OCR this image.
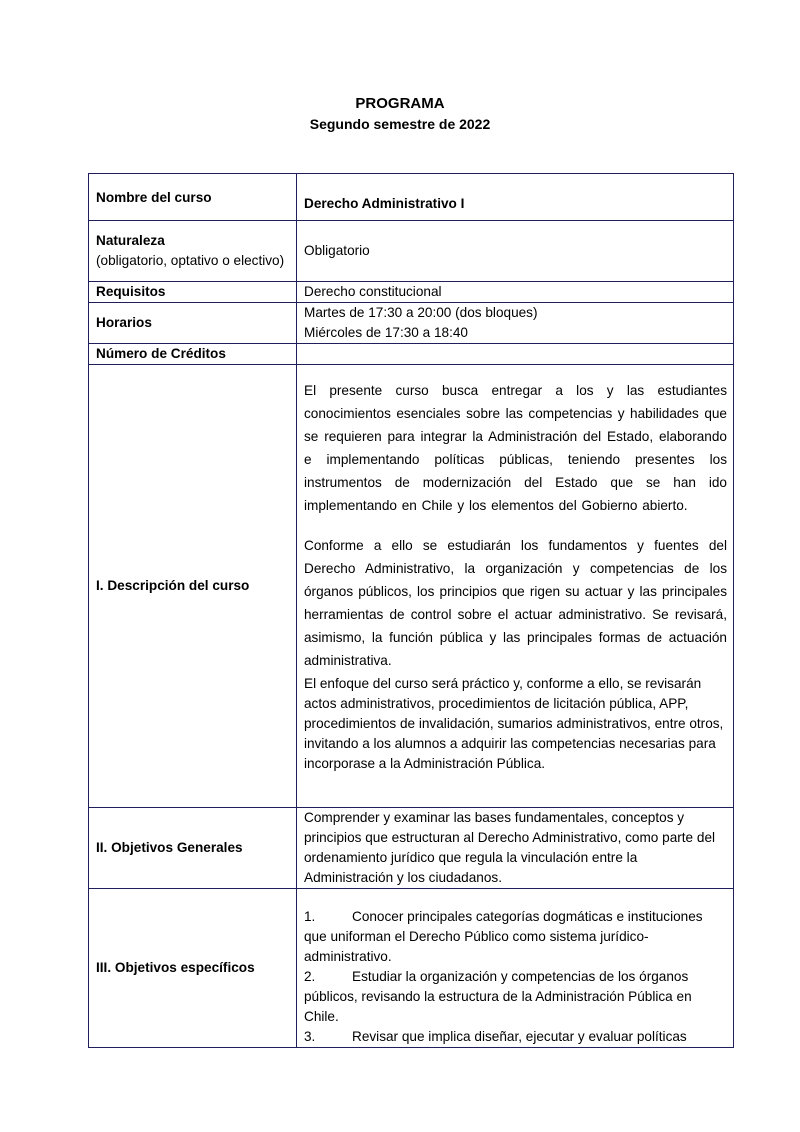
PROGRAMA
Segundo semestre de 2022
Nombre del curso	Derecho Administrativo I

Naturaleza
(obligatorio, optativo o electivo)	Obligatorio
Requisitos	Derecho constitucional
Horarios	Martes de 17:30 a 20:00 (dos bloques)
Miércoles de 17:30 a 18:40

Número de Créditos	
I. Descripción del curso	El presente curso busca entregar a los y las estudiantes conocimientos esenciales sobre las competencias y habilidades que se requieren para integrar la Administración del Estado, elaborando e implementando políticas públicas, teniendo presentes los instrumentos de modernización del Estado que se han ido implementando en Chile y los elementos del Gobierno abierto.

Conforme a ello se estudiarán los fundamentos y fuentes del Derecho Administrativo, la organización y competencias de los órganos públicos, los principios que rigen su actuar y las principales herramientas de control sobre el actuar administrativo. Se revisará, asimismo, la función pública y las principales formas de actuación administrativa.

El enfoque del curso será práctico y, conforme a ello, se revisarán actos administrativos, procedimientos de licitación pública, APP, procedimientos de invalidación, sumarios administrativos, entre otros, invitando a los alumnos a adquirir las competencias necesarias para incorporase a la Administración Pública.

II. Objetivos Generales	Comprender y examinar las bases fundamentales, conceptos y principios que estructuran al Derecho Administrativo, como parte del ordenamiento jurídico que regula la vinculación entre la Administración y los ciudadanos.
III. Objetivos específicos	1. Conocer principales categorías dogmáticas e instituciones que uniforman el Derecho Público como sistema jurídico-administrativo.
2. Estudiar la organización y competencias de los órganos públicos, revisando la estructura de la Administración Pública en Chile.
3. Revisar que implica diseñar, ejecutar y evaluar políticas
